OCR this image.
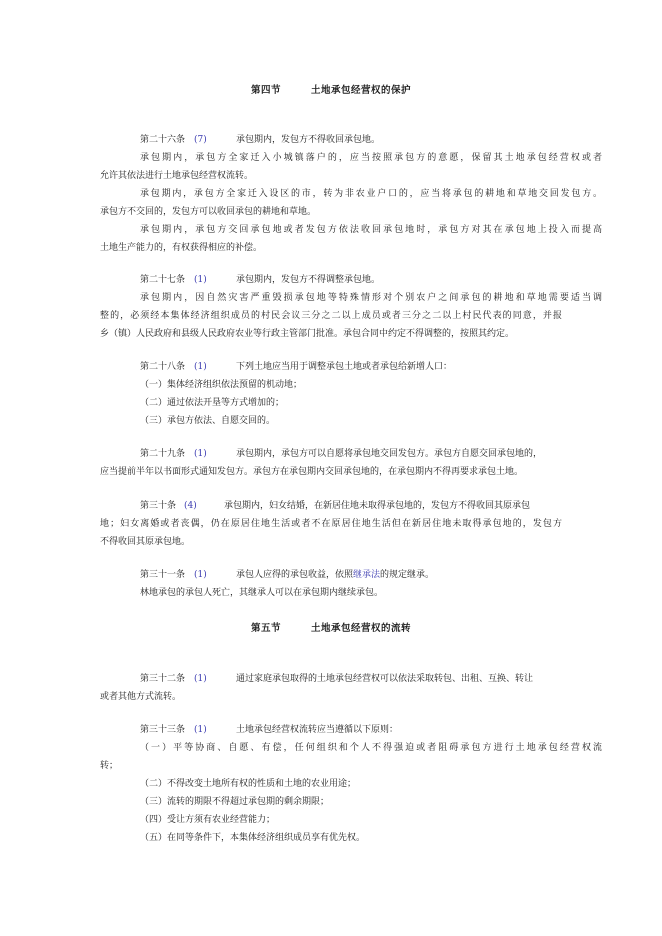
第四节	土地承包经营权的保护
第二十六条 (7)	承包期内，发包方不得收回承包地。
承包期内，承包方全家迁入小城镇落户的，应当按照承包方的意愿，保留其土地承包经营权或者
允许其依法进行土地承包经营权流转。
承包期内，承包方全家迁入设区的市，转为非农业户口的，应当将承包的耕地和草地交回发包方。
承包方不交回的，发包方可以收回承包的耕地和草地。
承包期内，承包方交回承包地或者发包方依法收回承包地时，承包方对其在承包地上投入而提高
土地生产能力的，有权获得相应的补偿。
第二十七条 (1)	承包期内，发包方不得调整承包地。
承包期内，因自然灾害严重毁损承包地等特殊情形对个别农户之间承包的耕地和草地需要适当调
整的，必须经本集体经济组织成员的村民会议三分之二以上成员或者三分之二以上村民代表的同意，并报
乡（镇）人民政府和县级人民政府农业等行政主管部门批准。承包合同中约定不得调整的，按照其约定。
第二十八条 (1)	下列土地应当用于调整承包土地或者承包给新增人口：
（一）集体经济组织依法预留的机动地；
（二）通过依法开垦等方式增加的；
（三）承包方依法、自愿交回的。
第二十九条 (1)	承包期内，承包方可以自愿将承包地交回发包方。承包方自愿交回承包地的，
应当提前半年以书面形式通知发包方。承包方在承包期内交回承包地的，在承包期内不得再要求承包土地。
第三十条 (4)	承包期内，妇女结婚，在新居住地未取得承包地的，发包方不得收回其原承包
地；妇女离婚或者丧偶，仍在原居住地生活或者不在原居住地生活但在新居住地未取得承包地的，发包方
不得收回其原承包地。
第三十一条 (1)	承包人应得的承包收益，依照继承法的规定继承。
林地承包的承包人死亡，其继承人可以在承包期内继续承包。
第五节	土地承包经营权的流转
第三十二条 (1)	通过家庭承包取得的土地承包经营权可以依法采取转包、出租、互换、转让
或者其他方式流转。
第三十三条 (1)	土地承包经营权流转应当遵循以下原则：
（一）平等协商、自愿、有偿，任何组织和个人不得强迫或者阻碍承包方进行土地承包经营权流
转；
（二）不得改变土地所有权的性质和土地的农业用途；
（三）流转的期限不得超过承包期的剩余期限；
（四）受让方须有农业经营能力；
（五）在同等条件下，本集体经济组织成员享有优先权。
